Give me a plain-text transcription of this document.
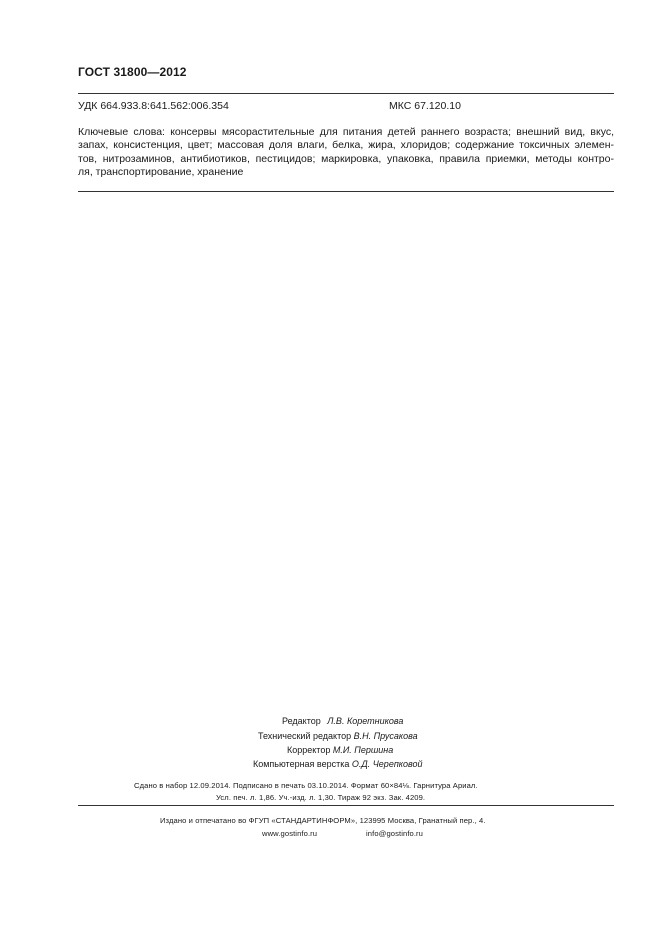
ГОСТ 31800—2012
УДК 664.933.8:641.562:006.354	МКС 67.120.10
Ключевые слова: консервы мясорастительные для питания детей раннего возраста; внешний вид, вкус,
запах, консистенция, цвет; массовая доля влаги, белка, жира, хлоридов; содержание токсичных элемен-
тов, нитрозаминов, антибиотиков, пестицидов; маркировка, упаковка, правила приемки, методы контро-
ля, транспортирование, хранение
Редактор Л.В. Коретникова
Технический редактор В.Н. Прусакова
Корректор М.И. Першина
Компьютерная верстка О.Д. Черепковой
Сдано в набор 12.09.2014. Подписано в печать 03.10.2014. Формат 60×84⅛. Гарнитура Ариал.
Усл. печ. л. 1,86. Уч.-изд. л. 1,30. Тираж 92 экз. Зак. 4209.
Издано и отпечатано во ФГУП «СТАНДАРТИНФОРМ», 123995 Москва, Гранатный пер., 4.
www.gostinfo.ru	info@gostinfo.ru
